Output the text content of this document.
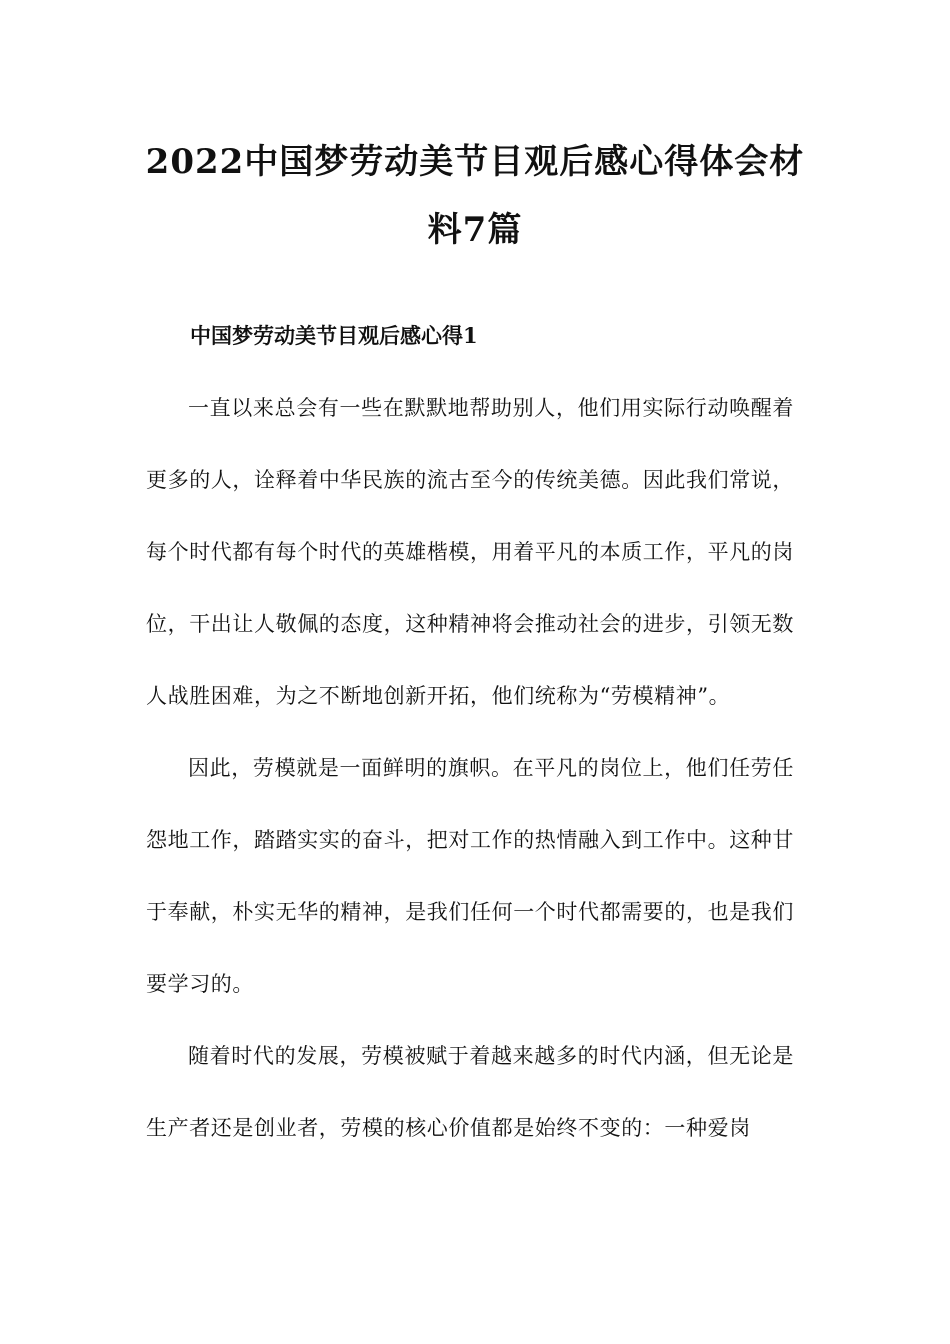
2022中国梦劳动美节目观后感心得体会材料7篇
中国梦劳动美节目观后感心得1

一直以来总会有一些在默默地帮助别人，他们用实际行动唤醒着更多的人，诠释着中华民族的流古至今的传统美德。因此我们常说，每个时代都有每个时代的英雄楷模，用着平凡的本质工作，平凡的岗位，干出让人敬佩的态度，这种精神将会推动社会的进步，引领无数人战胜困难，为之不断地创新开拓，他们统称为“劳模精神”。

因此，劳模就是一面鲜明的旗帜。在平凡的岗位上，他们任劳任怨地工作，踏踏实实的奋斗，把对工作的热情融入到工作中。这种甘于奉献，朴实无华的精神，是我们任何一个时代都需要的，也是我们要学习的。

随着时代的发展，劳模被赋于着越来越多的时代内涵，但无论是生产者还是创业者，劳模的核心价值都是始终不变的：一种爱岗
